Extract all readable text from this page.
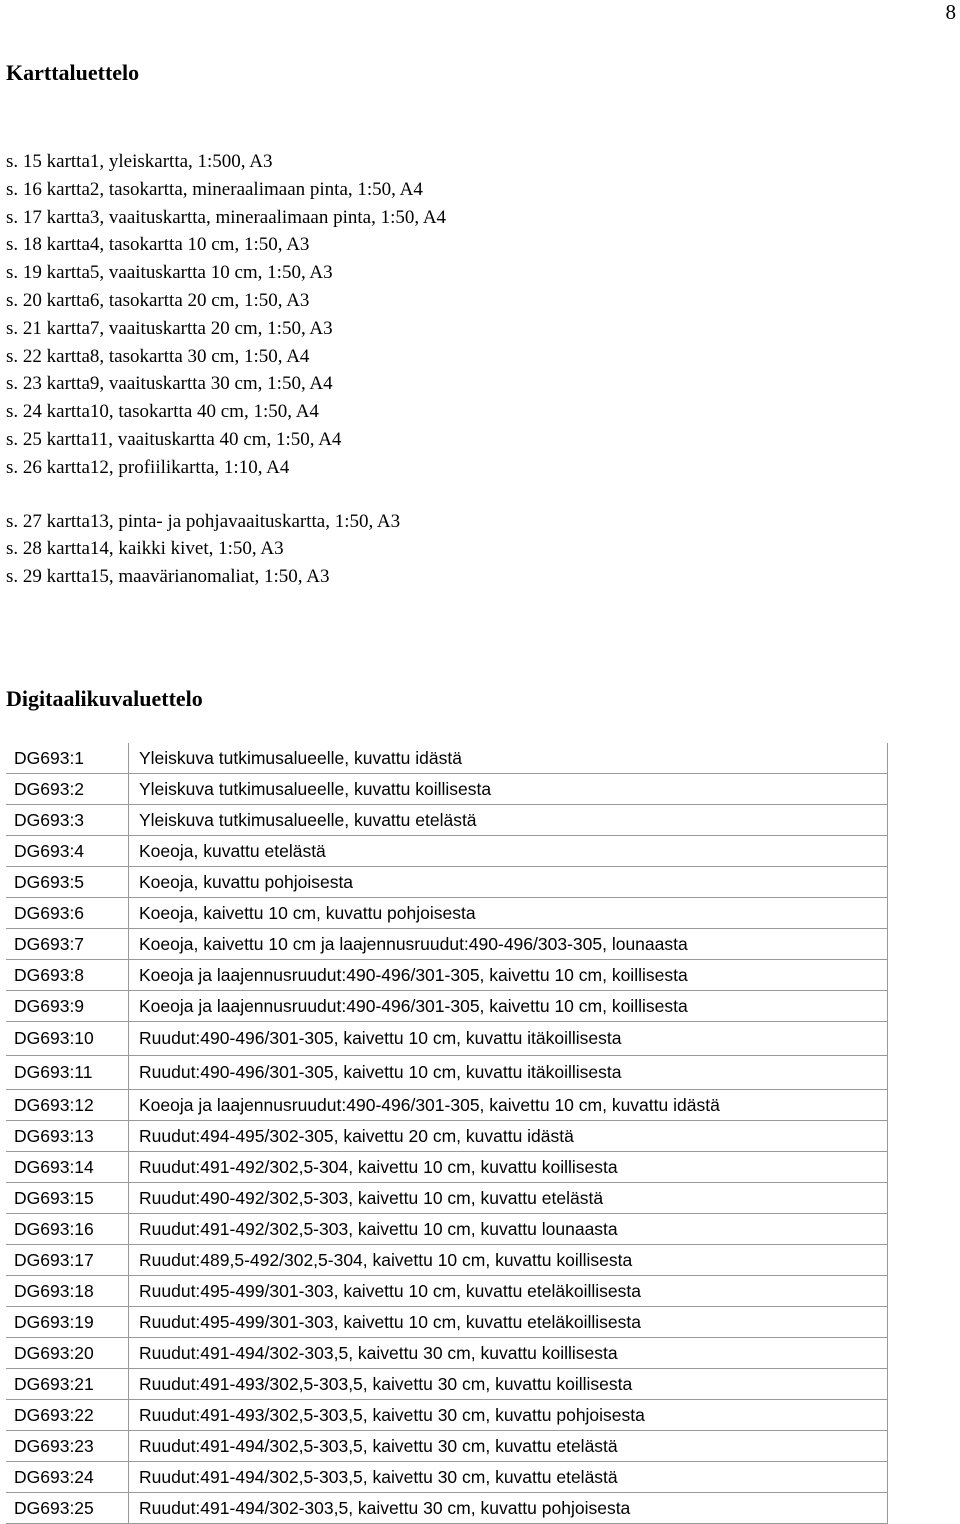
8
Karttaluettelo
s. 15 kartta1, yleiskartta, 1:500, A3
s. 16 kartta2, tasokartta, mineraalimaan pinta, 1:50, A4
s. 17 kartta3, vaaituskartta, mineraalimaan pinta, 1:50, A4
s. 18 kartta4, tasokartta 10 cm, 1:50, A3
s. 19 kartta5, vaaituskartta 10 cm, 1:50, A3
s. 20 kartta6, tasokartta 20 cm, 1:50, A3
s. 21 kartta7, vaaituskartta 20 cm, 1:50, A3
s. 22 kartta8, tasokartta 30 cm, 1:50, A4
s. 23 kartta9, vaaituskartta 30 cm, 1:50, A4
s. 24 kartta10, tasokartta 40 cm, 1:50, A4
s. 25 kartta11, vaaituskartta 40 cm, 1:50, A4
s. 26 kartta12, profiilikartta, 1:10, A4
s. 27 kartta13, pinta- ja pohjavaaituskartta, 1:50, A3
s. 28 kartta14, kaikki kivet, 1:50, A3
s. 29 kartta15, maavärianomaliat, 1:50, A3
Digitaalikuvaluettelo
DG693:1	Yleiskuva tutkimusalueelle, kuvattu idästä
DG693:2	Yleiskuva tutkimusalueelle, kuvattu koillisesta
DG693:3	Yleiskuva tutkimusalueelle, kuvattu etelästä
DG693:4	Koeoja, kuvattu etelästä
DG693:5	Koeoja, kuvattu pohjoisesta
DG693:6	Koeoja, kaivettu 10 cm, kuvattu pohjoisesta
DG693:7	Koeoja, kaivettu 10 cm ja laajennusruudut:490-496/303-305, lounaasta
DG693:8	Koeoja ja laajennusruudut:490-496/301-305, kaivettu 10 cm, koillisesta
DG693:9	Koeoja ja laajennusruudut:490-496/301-305, kaivettu 10 cm, koillisesta
DG693:10	Ruudut:490-496/301-305, kaivettu 10 cm, kuvattu itäkoillisesta
DG693:11	Ruudut:490-496/301-305, kaivettu 10 cm, kuvattu itäkoillisesta
DG693:12	Koeoja ja laajennusruudut:490-496/301-305, kaivettu 10 cm, kuvattu idästä
DG693:13	Ruudut:494-495/302-305, kaivettu 20 cm, kuvattu idästä
DG693:14	Ruudut:491-492/302,5-304, kaivettu 10 cm, kuvattu koillisesta
DG693:15	Ruudut:490-492/302,5-303, kaivettu 10 cm, kuvattu etelästä
DG693:16	Ruudut:491-492/302,5-303, kaivettu 10 cm, kuvattu lounaasta
DG693:17	Ruudut:489,5-492/302,5-304, kaivettu 10 cm, kuvattu koillisesta
DG693:18	Ruudut:495-499/301-303, kaivettu 10 cm, kuvattu eteläkoillisesta
DG693:19	Ruudut:495-499/301-303, kaivettu 10 cm, kuvattu eteläkoillisesta
DG693:20	Ruudut:491-494/302-303,5, kaivettu 30 cm, kuvattu koillisesta
DG693:21	Ruudut:491-493/302,5-303,5, kaivettu 30 cm, kuvattu koillisesta
DG693:22	Ruudut:491-493/302,5-303,5, kaivettu 30 cm, kuvattu pohjoisesta
DG693:23	Ruudut:491-494/302,5-303,5, kaivettu 30 cm, kuvattu etelästä
DG693:24	Ruudut:491-494/302,5-303,5, kaivettu 30 cm, kuvattu etelästä
DG693:25	Ruudut:491-494/302-303,5, kaivettu 30 cm, kuvattu pohjoisesta
